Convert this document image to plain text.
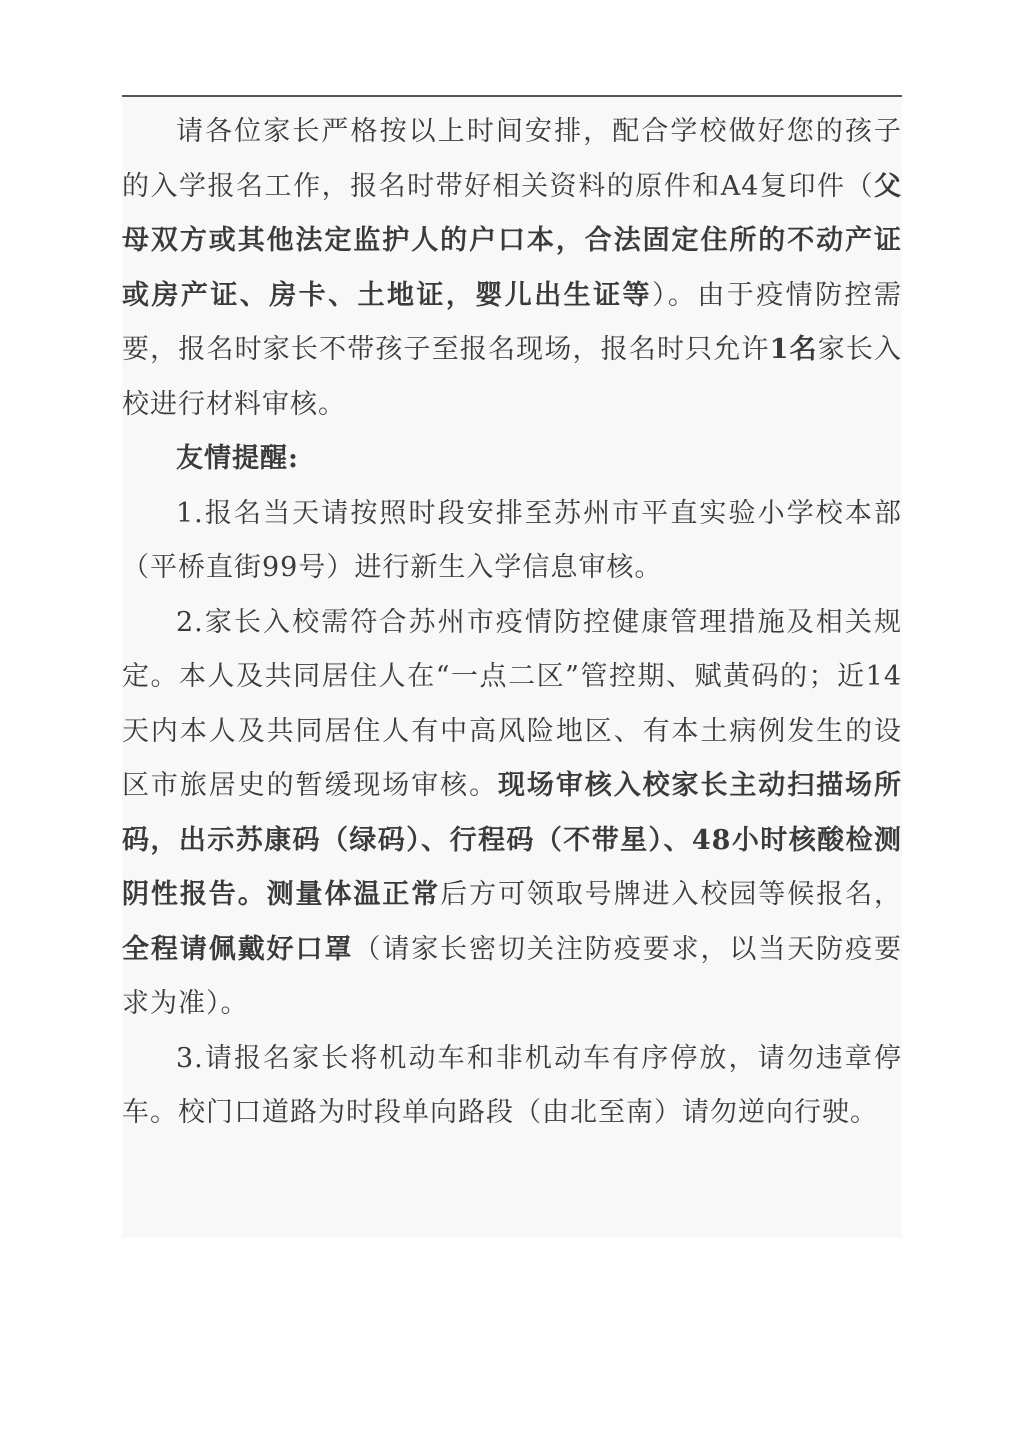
请各位家长严格按以上时间安排，配合学校做好您的孩子的入学报名工作，报名时带好相关资料的原件和A4复印件（父母双方或其他法定监护人的户口本，合法固定住所的不动产证或房产证、房卡、土地证，婴儿出生证等）。由于疫情防控需要，报名时家长不带孩子至报名现场，报名时只允许1名家长入校进行材料审核。

友情提醒:

1.报名当天请按照时段安排至苏州市平直实验小学校本部（平桥直街99号）进行新生入学信息审核。

2.家长入校需符合苏州市疫情防控健康管理措施及相关规定。本人及共同居住人在“一点二区”管控期、赋黄码的；近14天内本人及共同居住人有中高风险地区、有本土病例发生的设区市旅居史的暂缓现场审核。现场审核入校家长主动扫描场所码，出示苏康码（绿码）、行程码（不带星）、48小时核酸检测阴性报告。测量体温正常后方可领取号牌进入校园等候报名，全程请佩戴好口罩（请家长密切关注防疫要求，以当天防疫要求为准）。

3.请报名家长将机动车和非机动车有序停放，请勿违章停车。校门口道路为时段单向路段（由北至南）请勿逆向行驶。
